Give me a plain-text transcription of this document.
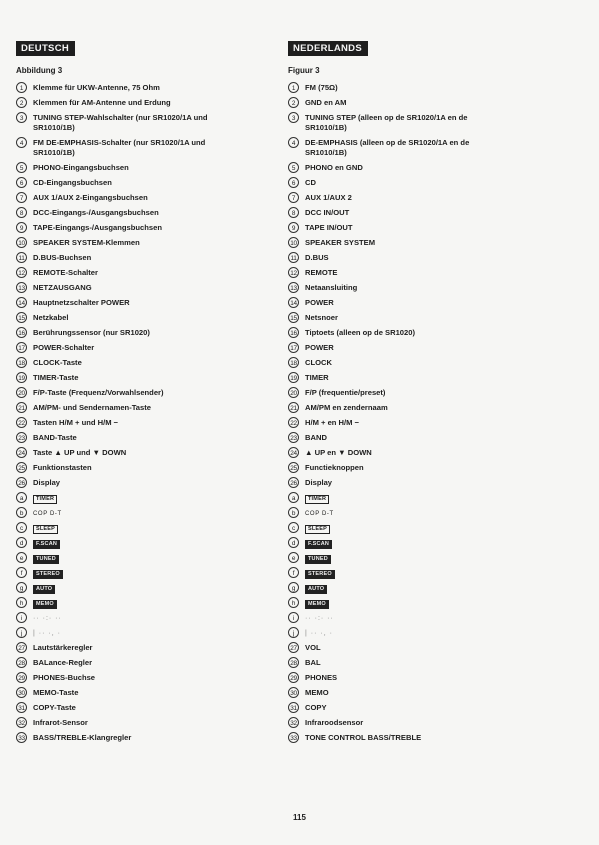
DEUTSCH
Abbildung 3
1	Klemme für UKW-Antenne, 75 Ohm
2	Klemmen für AM-Antenne und Erdung
3	TUNING STEP-Wahlschalter (nur SR1020/1A und
SR1010/1B)
4	FM DE-EMPHASIS-Schalter (nur SR1020/1A und
SR1010/1B)
5	PHONO-Eingangsbuchsen
6	CD-Eingangsbuchsen
7	AUX 1/AUX 2-Eingangsbuchsen
8	DCC-Eingangs-/Ausgangsbuchsen
9	TAPE-Eingangs-/Ausgangsbuchsen
10 SPEAKER SYSTEM-Klemmen
11	D.BUS-Buchsen
12 REMOTE-Schalter
13 NETZAUSGANG
14 Hauptnetzschalter POWER
15 Netzkabel
16 Berührungssensor (nur SR1020)
17 POWER-Schalter
18 CLOCK-Taste
19 TIMER-Taste
20 F/P-Taste (Frequenz/Vorwahlsender)
21 AM/PM- und Sendernamen-Taste
22 Tasten H/M + und H/M −
23 BAND-Taste
24 Taste ▲ UP und ▼ DOWN
25 Funktionstasten
26 Display
a	TIMER
b	COP D-T
c	SLEEP
d	F.SCAN
e	TUNED
f	STEREO
g	AUTO
h	MEMO
i	·· ·:· ··
j	| ·· ·, ·
27 Lautstärkeregler
28 BALance-Regler
29 PHONES-Buchse
30 MEMO-Taste
31 COPY-Taste
32 Infrarot-Sensor
33 BASS/TREBLE-Klangregler
NEDERLANDS
Figuur 3
1	FM (75Ω)
2	GND en AM
3	TUNING STEP (alleen op de SR1020/1A en de
SR1010/1B)
4	DE-EMPHASIS (alleen op de SR1020/1A en de
SR1010/1B)
5	PHONO en GND
6	CD
7	AUX 1/AUX 2
8	DCC IN/OUT
9	TAPE IN/OUT
10 SPEAKER SYSTEM
11	D.BUS
12 REMOTE
13 Netaansluiting
14 POWER
15 Netsnoer
16 Tiptoets (alleen op de SR1020)
17 POWER
18 CLOCK
19 TIMER
20 F/P (frequentie/preset)
21 AM/PM en zendernaam
22 H/M + en H/M −
23 BAND
24 ▲ UP en ▼ DOWN
25 Functieknoppen
26 Display
a	TIMER
b	COP D-T
c	SLEEP
d	F.SCAN
e	TUNED
f	STEREO
g	AUTO
h	MEMO
i	·· ·:· ··
j	| ·· ·, ·
27 VOL
28 BAL
29 PHONES
30 MEMO
31 COPY
32 Infraroodsensor
33 TONE CONTROL BASS/TREBLE
115
